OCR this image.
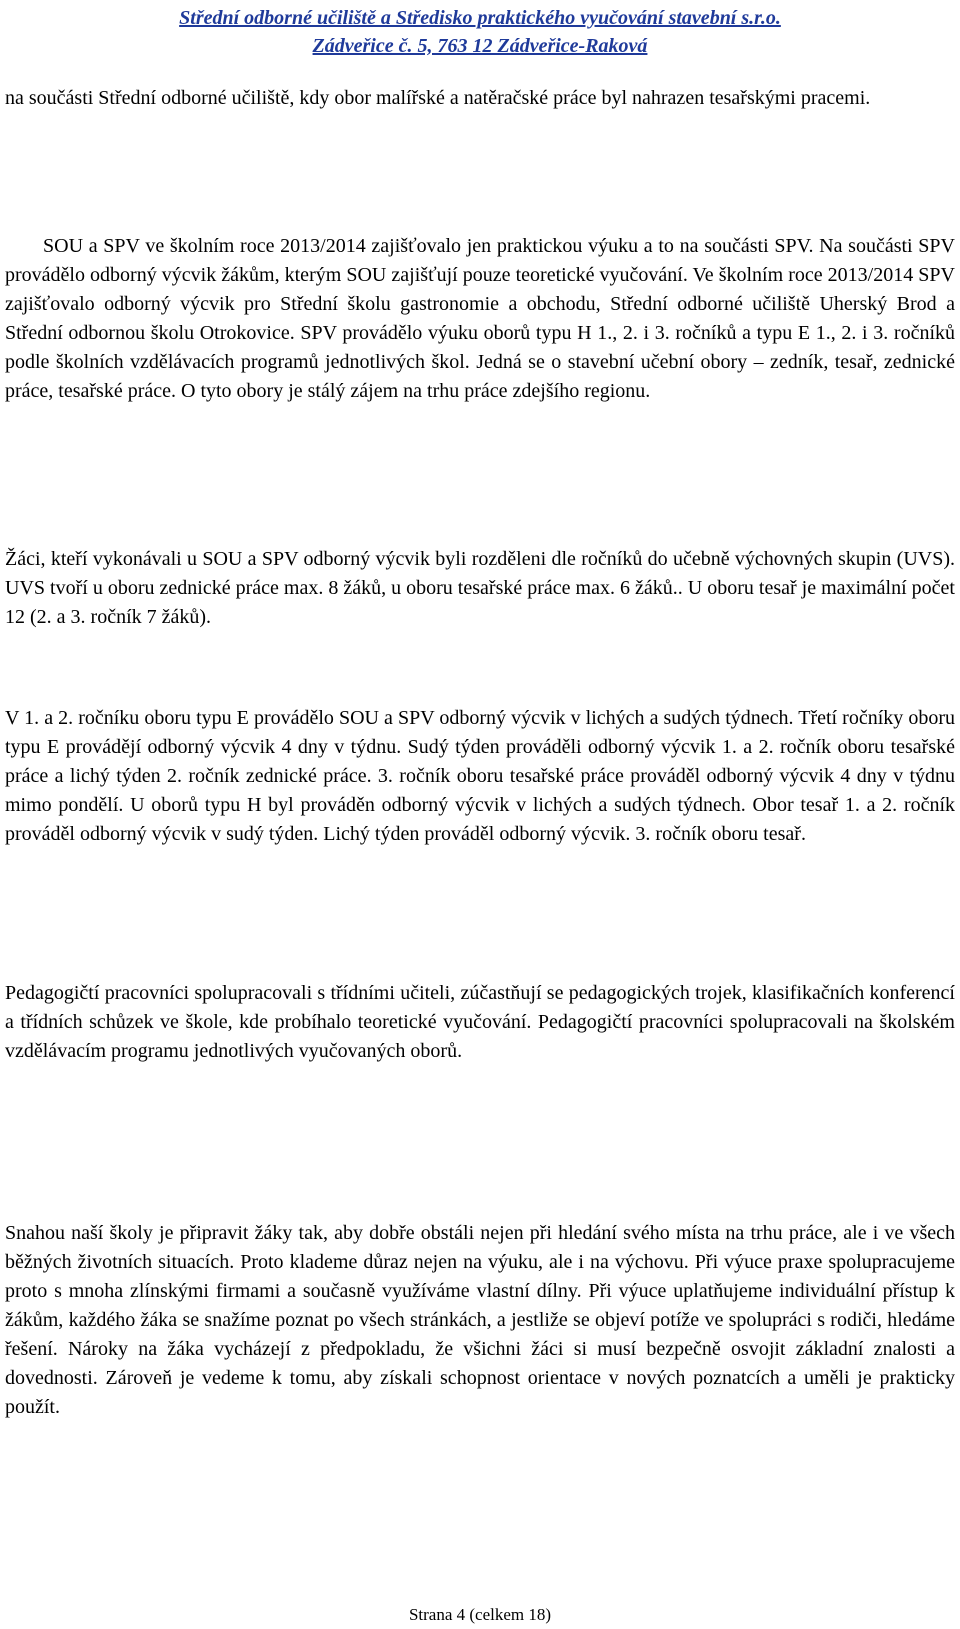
Střední odborné učiliště a Středisko praktického vyučování stavební s.r.o.
Zádveřice č. 5, 763 12 Zádveřice-Raková
na součásti Střední odborné učiliště, kdy obor malířské a natěračské práce byl nahrazen tesařskými pracemi.
SOU a SPV ve školním roce 2013/2014 zajišťovalo jen praktickou výuku a to na součásti SPV. Na součásti SPV provádělo odborný výcvik žákům, kterým SOU zajišťují pouze teoretické vyučování. Ve školním roce 2013/2014 SPV zajišťovalo odborný výcvik pro Střední školu gastronomie a obchodu, Střední odborné učiliště Uherský Brod a Střední odbornou školu Otrokovice. SPV provádělo výuku oborů typu H 1., 2. i 3. ročníků a typu E 1., 2. i 3. ročníků podle školních vzdělávacích programů jednotlivých škol. Jedná se o stavební učební obory – zedník, tesař, zednické práce, tesařské práce. O tyto obory je stálý zájem na trhu práce zdejšího regionu.
Žáci, kteří vykonávali u SOU a SPV odborný výcvik byli rozděleni dle ročníků do učebně výchovných skupin (UVS). UVS tvoří u oboru zednické práce max. 8 žáků, u oboru tesařské práce max. 6 žáků.. U oboru tesař je maximální počet 12 (2. a 3. ročník 7 žáků).
V 1. a 2. ročníku oboru typu E provádělo SOU a SPV odborný výcvik v lichých a sudých týdnech. Třetí ročníky oboru typu E provádějí odborný výcvik 4 dny v týdnu. Sudý týden prováděli odborný výcvik 1. a 2. ročník oboru tesařské práce a lichý týden 2. ročník zednické práce. 3. ročník oboru tesařské práce prováděl odborný výcvik 4 dny v týdnu mimo pondělí. U oborů typu H byl prováděn odborný výcvik v lichých a sudých týdnech. Obor tesař 1. a 2. ročník prováděl odborný výcvik v sudý týden. Lichý týden prováděl odborný výcvik. 3. ročník oboru tesař.
Pedagogičtí pracovníci spolupracovali s třídními učiteli, zúčastňují se pedagogických trojek, klasifikačních konferencí a třídních schůzek ve škole, kde probíhalo teoretické vyučování. Pedagogičtí pracovníci spolupracovali na školském vzdělávacím programu jednotlivých vyučovaných oborů.
Snahou naší školy je připravit žáky tak, aby dobře obstáli nejen při hledání svého místa na trhu práce, ale i ve všech běžných životních situacích. Proto klademe důraz nejen na výuku, ale i na výchovu. Při výuce praxe spolupracujeme proto s mnoha zlínskými firmami a současně využíváme vlastní dílny. Při výuce uplatňujeme individuální přístup k žákům, každého žáka se snažíme poznat po všech stránkách, a jestliže se objeví potíže ve spolupráci s rodiči, hledáme řešení. Nároky na žáka vycházejí z předpokladu, že všichni žáci si musí bezpečně osvojit základní znalosti a dovednosti. Zároveň je vedeme k tomu, aby získali schopnost orientace v nových poznatcích a uměli je prakticky použít.
Strana 4 (celkem 18)
